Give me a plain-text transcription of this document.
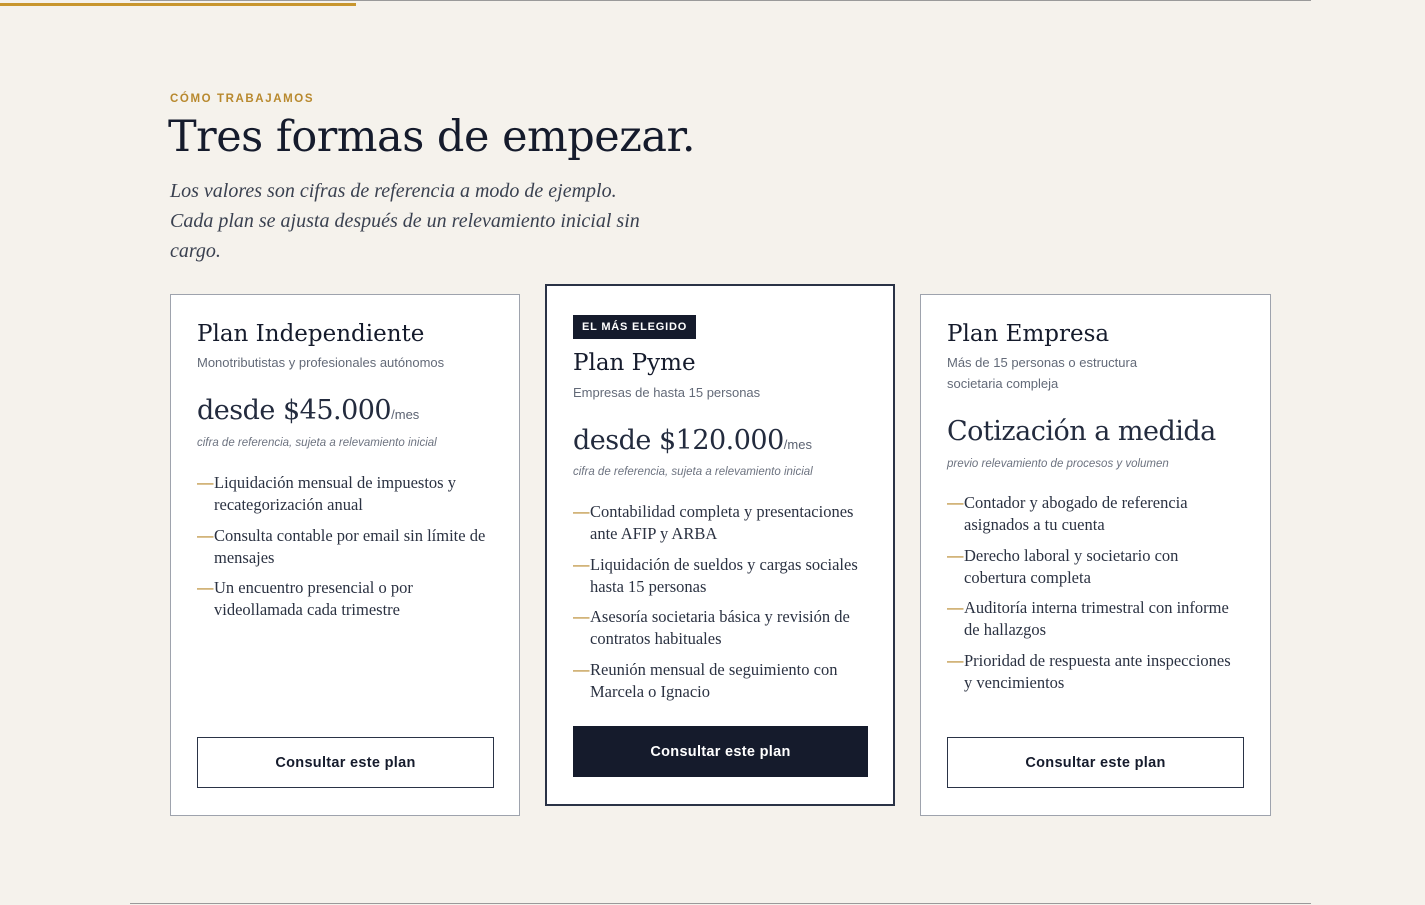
CÓMO TRABAJAMOS
Tres formas de empezar.

Los valores son cifras de referencia a modo de ejemplo. Cada plan se ajusta después de un relevamiento inicial sin cargo.

Plan Independiente
Monotributistas y profesionales autónomos
desde $45.000/mes
cifra de referencia, sujeta a relevamiento inicial
— Liquidación mensual de impuestos y recategorización anual
— Consulta contable por email sin límite de mensajes
— Un encuentro presencial o por videollamada cada trimestre
Consultar este plan
EL MÁS ELEGIDO
Plan Pyme
Empresas de hasta 15 personas
desde $120.000/mes
cifra de referencia, sujeta a relevamiento inicial
— Contabilidad completa y presentaciones ante AFIP y ARBA
— Liquidación de sueldos y cargas sociales hasta 15 personas
— Asesoría societaria básica y revisión de contratos habituales
— Reunión mensual de seguimiento con Marcela o Ignacio
Consultar este plan
Plan Empresa
Más de 15 personas o estructura societaria compleja
Cotización a medida
previo relevamiento de procesos y volumen
— Contador y abogado de referencia asignados a tu cuenta
— Derecho laboral y societario con cobertura completa
— Auditoría interna trimestral con informe de hallazgos
— Prioridad de respuesta ante inspecciones y vencimientos
Consultar este plan
